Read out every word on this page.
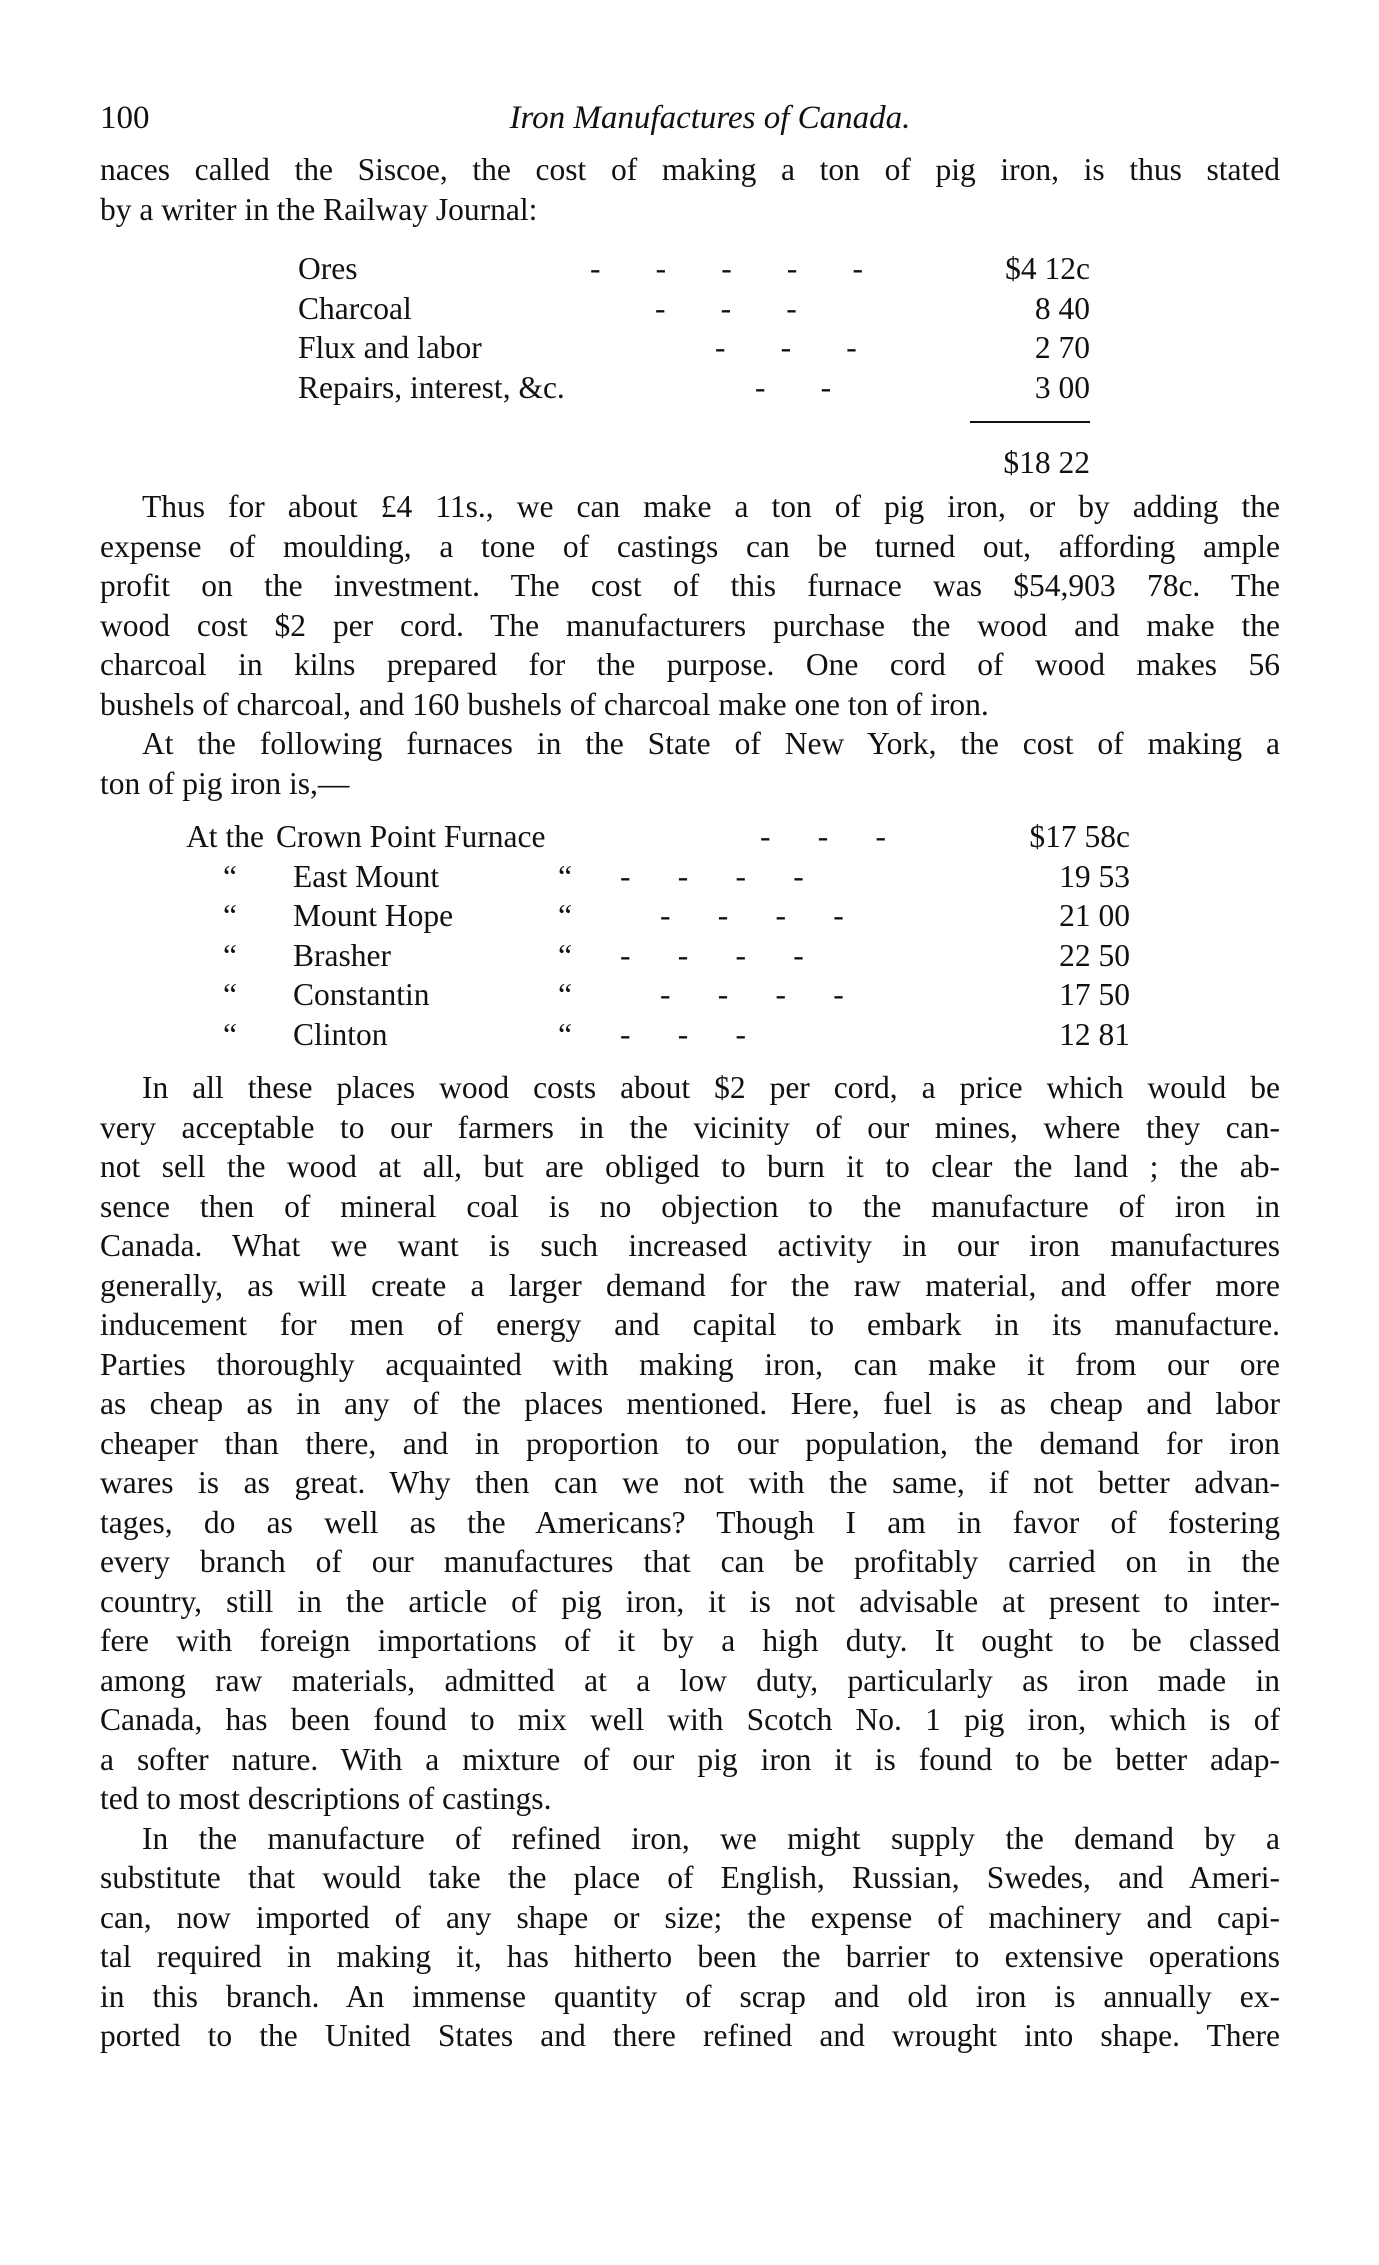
100	Iron Manufactures of Canada.

naces called the Siscoe, the cost of making a ton of pig iron, is thus stated
by a writer in the Railway Journal:

Ores	-       -       -       -       -	$4 12c
Charcoal	-       -       -	8 40
Flux and labor	-       -       -	2 70
Repairs, interest, &c.	-       -	3 00
$18 22

Thus for about £4 11s., we can make a ton of pig iron, or by adding the
expense of moulding, a tone of castings can be turned out, affording ample
profit on the investment. The cost of this furnace was $54,903 78c. The
wood cost $2 per cord. The manufacturers purchase the wood and make the
charcoal in kilns prepared for the purpose. One cord of wood makes 56
bushels of charcoal, and 160 bushels of charcoal make one ton of iron.

At the following furnaces in the State of New York, the cost of making a
ton of pig iron is,—

At the Crown Point Furnace	-      -      -	$17 58c
“	East Mount	“ -      -      -      -	19 53
“	Mount Hope	“	-      -      -      -	21 00
“	Brasher	“ -      -      -      -	22 50
“	Constantin	“	-      -      -      -	17 50
“	Clinton	“ -      -      -	12 81

In all these places wood costs about $2 per cord, a price which would be
very acceptable to our farmers in the vicinity of our mines, where they can-
not sell the wood at all, but are obliged to burn it to clear the land ; the ab-
sence then of mineral coal is no objection to the manufacture of iron in
Canada. What we want is such increased activity in our iron manufactures
generally, as will create a larger demand for the raw material, and offer more
inducement for men of energy and capital to embark in its manufacture.
Parties thoroughly acquainted with making iron, can make it from our ore
as cheap as in any of the places mentioned. Here, fuel is as cheap and labor
cheaper than there, and in proportion to our population, the demand for iron
wares is as great. Why then can we not with the same, if not better advan-
tages, do as well as the Americans? Though I am in favor of fostering
every branch of our manufactures that can be profitably carried on in the
country, still in the article of pig iron, it is not advisable at present to inter-
fere with foreign importations of it by a high duty. It ought to be classed
among raw materials, admitted at a low duty, particularly as iron made in
Canada, has been found to mix well with Scotch No. 1 pig iron, which is of
a softer nature. With a mixture of our pig iron it is found to be better adap-
ted to most descriptions of castings.

In the manufacture of refined iron, we might supply the demand by a
substitute that would take the place of English, Russian, Swedes, and Ameri-
can, now imported of any shape or size; the expense of machinery and capi-
tal required in making it, has hitherto been the barrier to extensive operations
in this branch. An immense quantity of scrap and old iron is annually ex-
ported to the United States and there refined and wrought into shape. There
